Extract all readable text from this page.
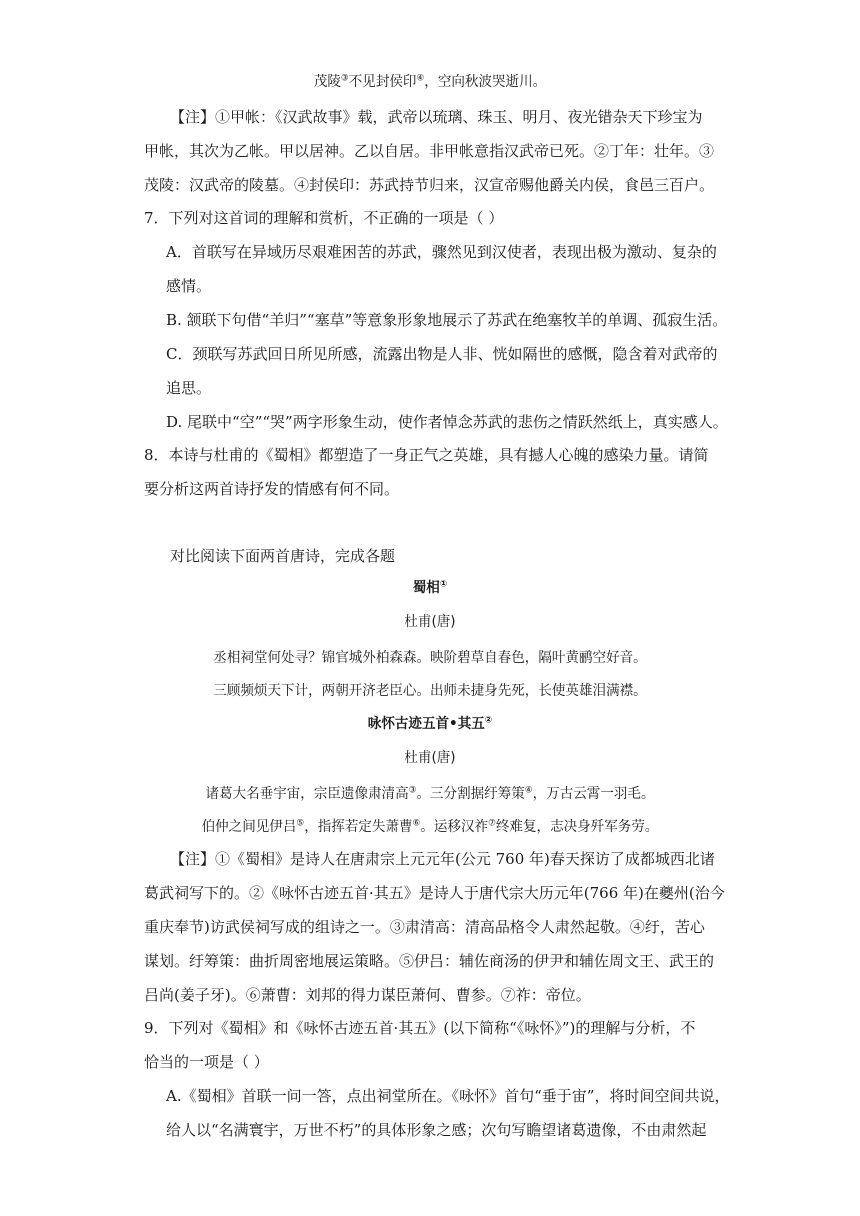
茂陵③不见封侯印④，空向秋波哭逝川。
【注】①甲帐：《汉武故事》载，武帝以琉璃、珠玉、明月、夜光错杂天下珍宝为
甲帐，其次为乙帐。甲以居神。乙以自居。非甲帐意指汉武帝已死。②丁年：壮年。③
茂陵：汉武帝的陵墓。④封侯印：苏武持节归来，汉宣帝赐他爵关内侯，食邑三百户。
7．下列对这首词的理解和赏析，不正确的一项是（ ）
A．首联写在异域历尽艰难困苦的苏武，骤然见到汉使者，表现出极为激动、复杂的
感情。
B. 颔联下句借“羊归”“塞草”等意象形象地展示了苏武在绝塞牧羊的单调、孤寂生活。
C．颈联写苏武回日所见所感，流露出物是人非、恍如隔世的感慨，隐含着对武帝的
追思。
D. 尾联中“空”“哭”两字形象生动，使作者悼念苏武的悲伤之情跃然纸上，真实感人。
8．本诗与杜甫的《蜀相》都塑造了一身正气之英雄，具有撼人心魄的感染力量。请简
要分析这两首诗抒发的情感有何不同。
对比阅读下面两首唐诗，完成各题
蜀相①
杜甫(唐)
丞相祠堂何处寻？锦官城外柏森森。映阶碧草自春色，隔叶黄鹂空好音。
三顾频烦天下计，两朝开济老臣心。出师未捷身先死，长使英雄泪满襟。
咏怀古迹五首•其五②
杜甫(唐)
诸葛大名垂宇宙，宗臣遗像肃清高③。三分割据纡筹策④，万古云霄一羽毛。
伯仲之间见伊吕⑤，指挥若定失萧曹⑥。运移汉祚⑦终难复，志决身歼军务劳。
【注】①《蜀相》是诗人在唐肃宗上元元年(公元 760 年)春天探访了成都城西北诸
葛武祠写下的。②《咏怀古迹五首·其五》是诗人于唐代宗大历元年(766 年)在夔州(治今
重庆奉节)访武侯祠写成的组诗之一。③肃清高：清高品格令人肃然起敬。④纡，苦心
谋划。纡筹策：曲折周密地展运策略。⑤伊吕：辅佐商汤的伊尹和辅佐周文王、武王的
吕尚(姜子牙)。⑥萧曹：刘邦的得力谋臣萧何、曹参。⑦祚：帝位。
9．下列对《蜀相》和《咏怀古迹五首·其五》(以下简称“《咏怀》”)的理解与分析，不
恰当的一项是（ ）
A.《蜀相》首联一问一答，点出祠堂所在。《咏怀》首句“垂于宙”，将时间空间共说，
给人以“名满寰宇，万世不朽”的具体形象之感；次句写瞻望诸葛遗像，不由肃然起
